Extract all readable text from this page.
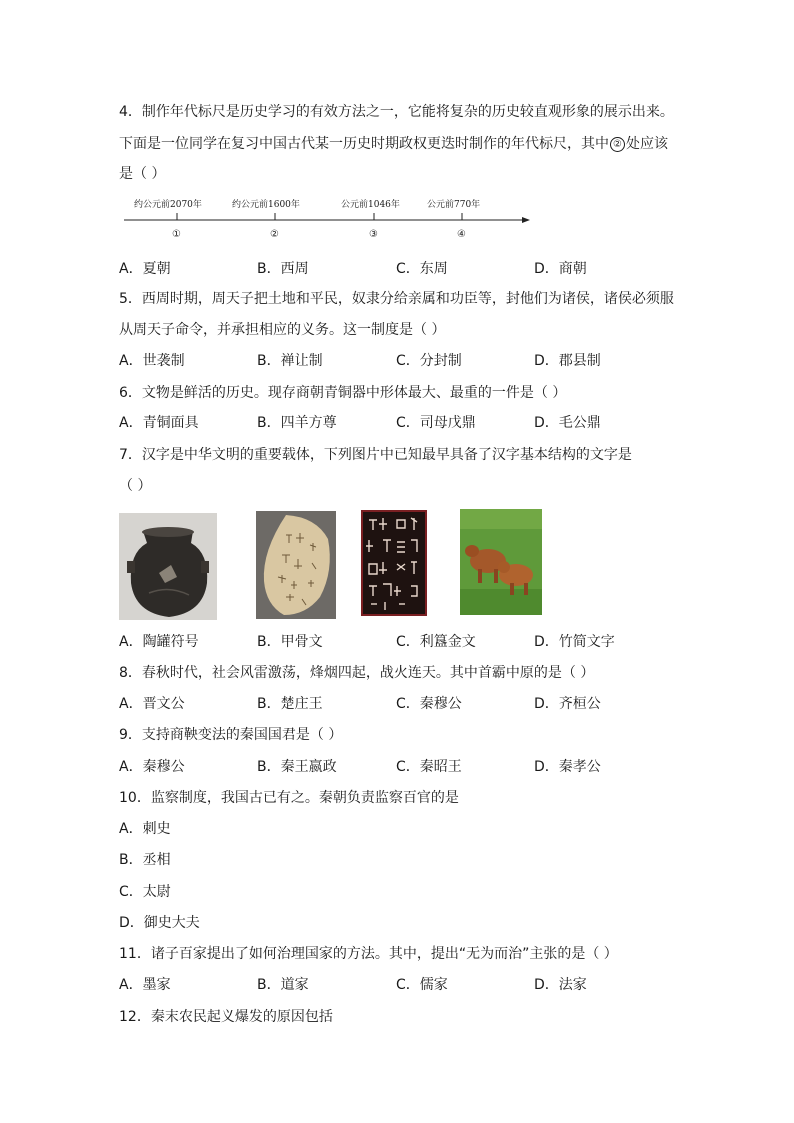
4．制作年代标尺是历史学习的有效方法之一，它能将复杂的历史较直观形象的展示出来。
下面是一位同学在复习中国古代某一历史时期政权更迭时制作的年代标尺，其中 ② 处应该
是（ ）
约公元前2070年	约公元前1600年	公元前1046年	公元前770年
①	②	③	④
A．夏朝	B．西周	C．东周	D．商朝
5．西周时期，周天子把土地和平民，奴隶分给亲属和功臣等，封他们为诸侯，诸侯必须服
从周天子命令，并承担相应的义务。这一制度是（ ）
A．世袭制	B．禅让制	C．分封制	D．郡县制
6．文物是鲜活的历史。现存商朝青铜器中形体最大、最重的一件是（ ）
A．青铜面具	B．四羊方尊	C．司母戊鼎	D．毛公鼎
7．汉字是中华文明的重要载体，下列图片中已知最早具备了汉字基本结构的文字是
（ ）
A．陶罐符号	B．甲骨文	C．利簋金文	D．竹简文字
8．春秋时代，社会风雷激荡，烽烟四起，战火连天。其中首霸中原的是（ ）
A．晋文公	B．楚庄王	C．秦穆公	D．齐桓公
9．支持商鞅变法的秦国国君是（ ）
A．秦穆公	B．秦王嬴政	C．秦昭王	D．秦孝公
10．监察制度，我国古已有之。秦朝负责监察百官的是
A．刺史
B．丞相
C．太尉
D．御史大夫
11．诸子百家提出了如何治理国家的方法。其中，提出“无为而治”主张的是（ ）
A．墨家	B．道家	C．儒家	D．法家
12．秦末农民起义爆发的原因包括
